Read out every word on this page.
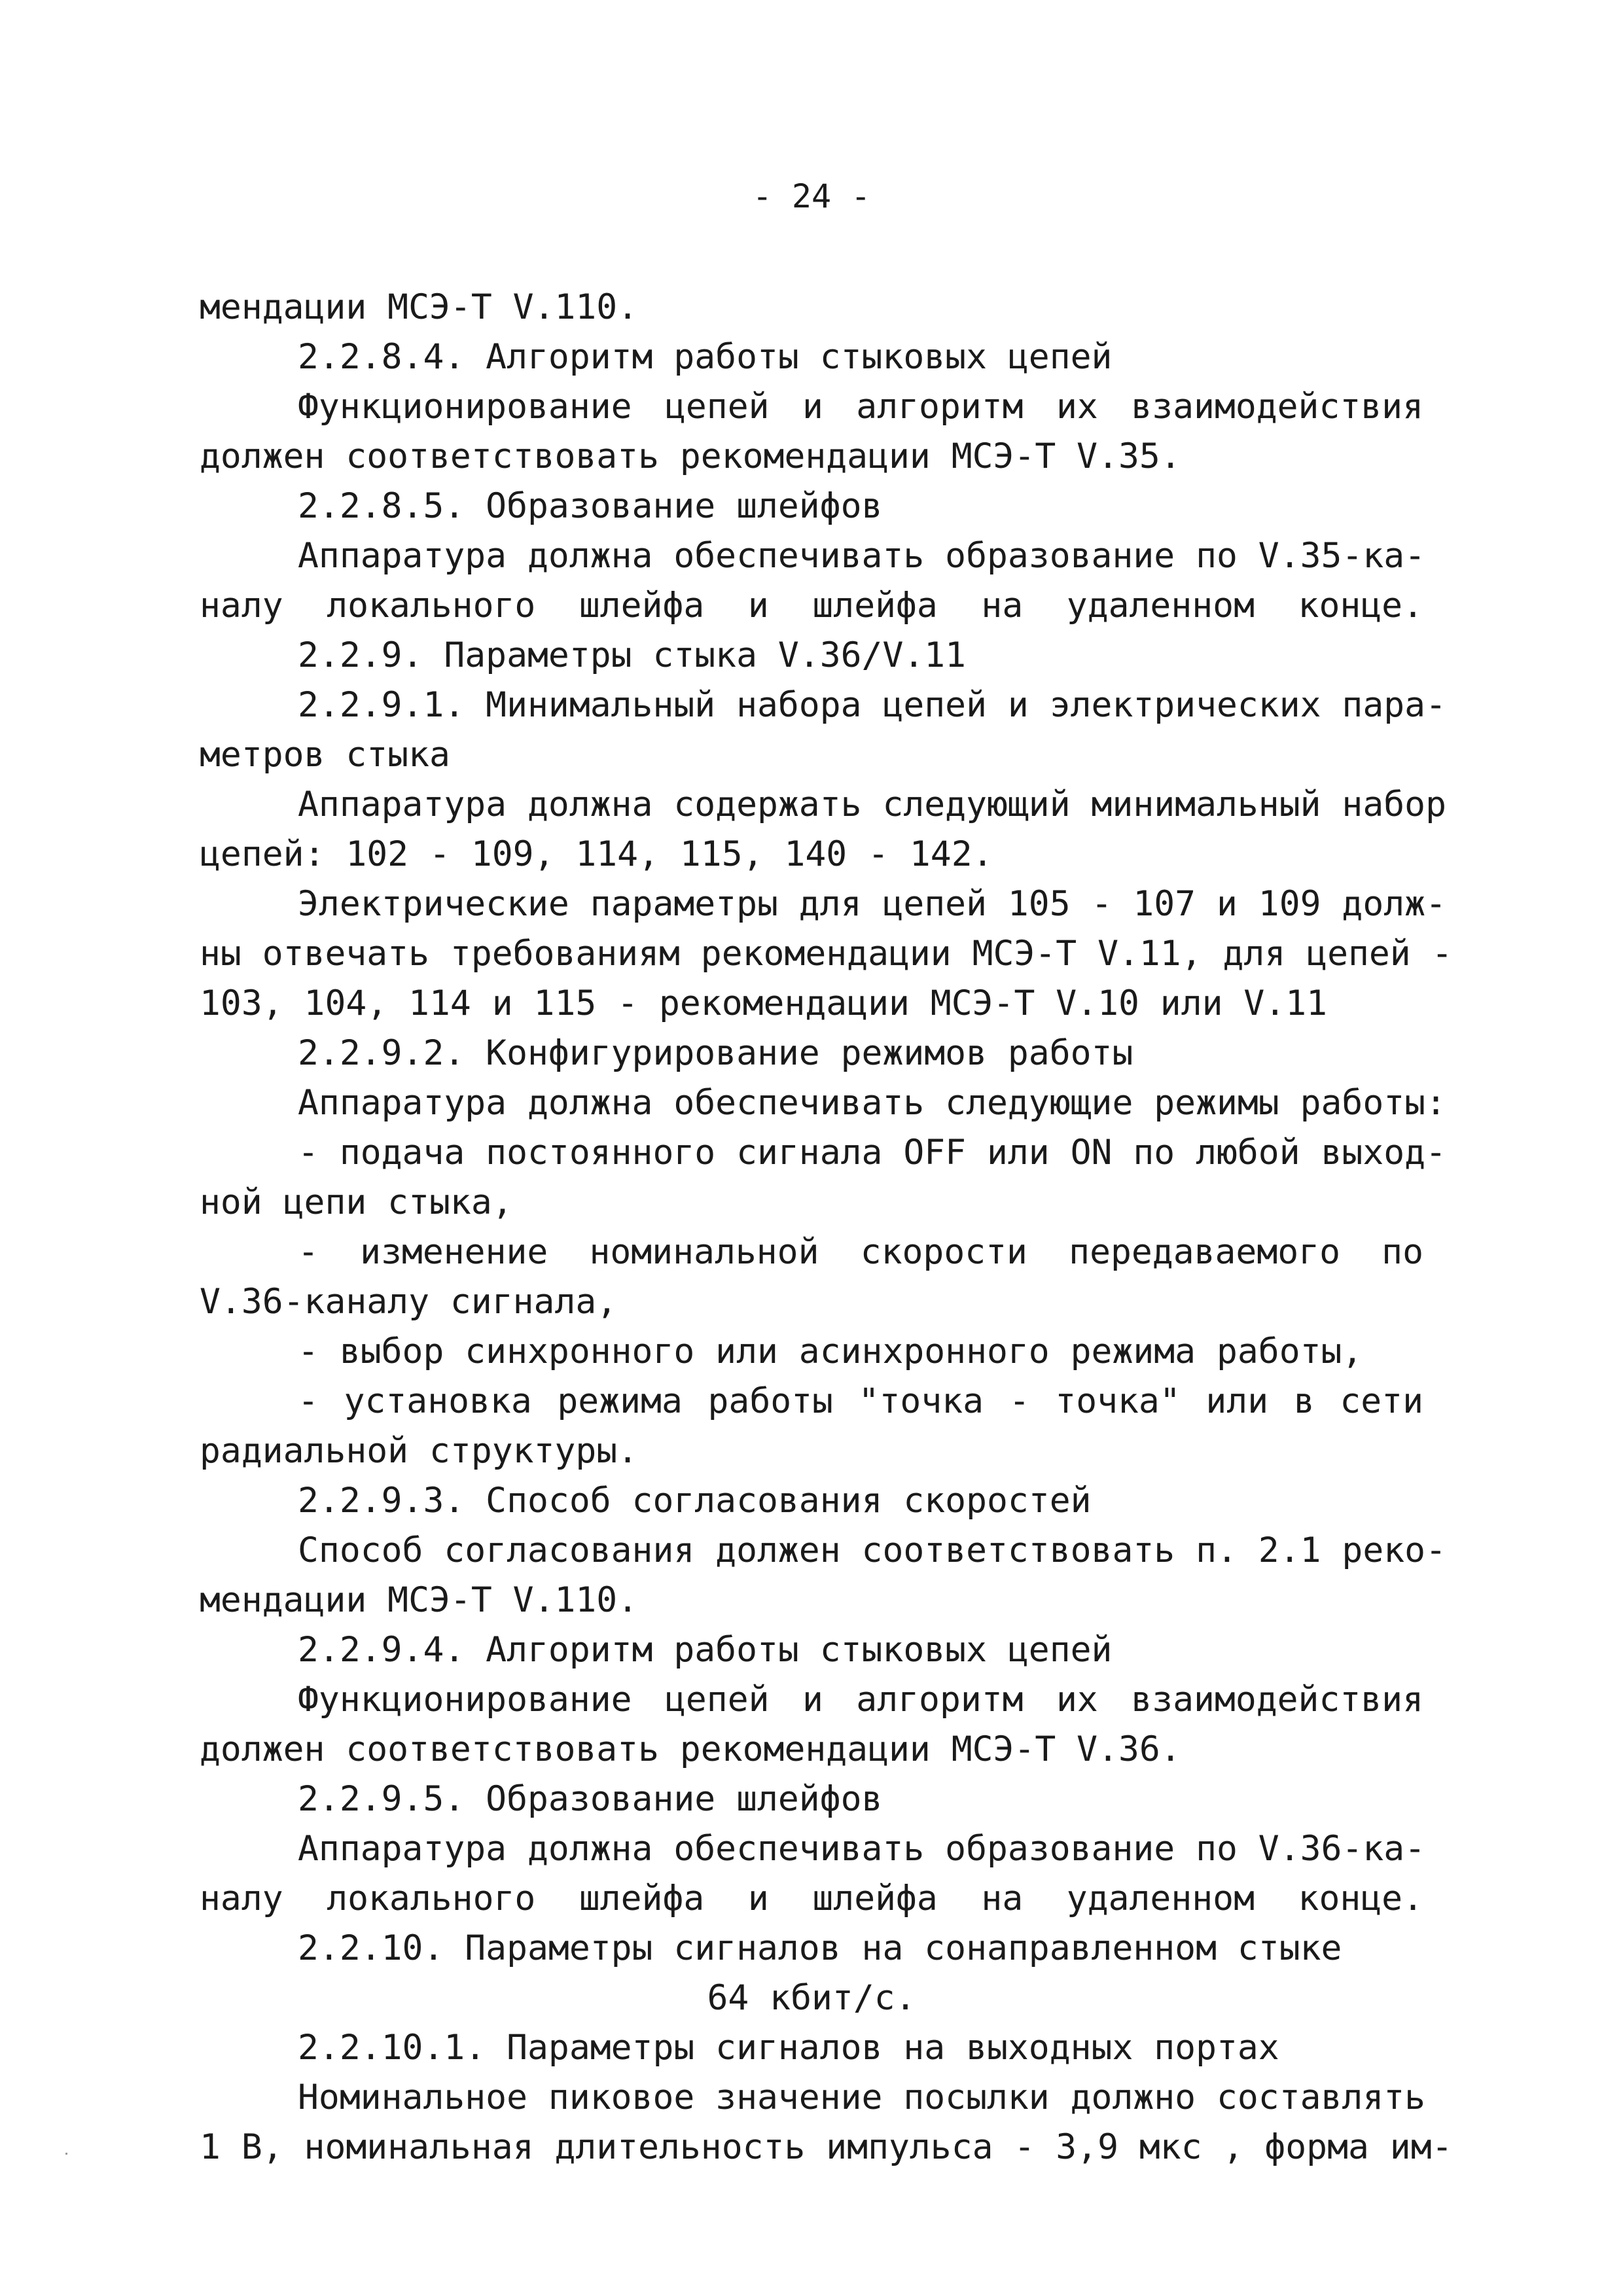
- 24 -
мендации МСЭ-Т V.110.
2.2.8.4. Алгоритм работы стыковых цепей
Функционирование цепей и алгоритм их взаимодействия
должен соответствовать рекомендации МСЭ-Т V.35.
2.2.8.5. Образование шлейфов
Аппаратура должна обеспечивать образование по V.35-ка-
налу локального шлейфа и шлейфа на удаленном конце.
2.2.9. Параметры стыка V.36/V.11
2.2.9.1. Минимальный набора цепей и электрических пара-
метров стыка
Аппаратура должна содержать следующий минимальный набор
цепей: 102 - 109, 114, 115, 140 - 142.
Электрические параметры для цепей 105 - 107 и 109 долж-
ны отвечать требованиям рекомендации МСЭ-Т V.11, для цепей -
103, 104, 114 и 115 - рекомендации МСЭ-Т V.10 или V.11
2.2.9.2. Конфигурирование режимов работы
Аппаратура должна обеспечивать следующие режимы работы:
- подача постоянного сигнала OFF или ON по любой выход-
ной цепи стыка,
- изменение номинальной скорости передаваемого по
V.36-каналу сигнала,
- выбор синхронного или асинхронного режима работы,
- установка режима работы "точка - точка" или в сети
радиальной структуры.
2.2.9.3. Способ согласования скоростей
Способ согласования должен соответствовать п. 2.1 реко-
мендации МСЭ-Т V.110.
2.2.9.4. Алгоритм работы стыковых цепей
Функционирование цепей и алгоритм их взаимодействия
должен соответствовать рекомендации МСЭ-Т V.36.
2.2.9.5. Образование шлейфов
Аппаратура должна обеспечивать образование по V.36-ка-
налу локального шлейфа и шлейфа на удаленном конце.
2.2.10. Параметры сигналов на сонаправленном стыке
64 кбит/с.
2.2.10.1. Параметры сигналов на выходных портах
Номинальное пиковое значение посылки должно составлять
1 В, номинальная длительность импульса - 3,9 мкс , форма им-
